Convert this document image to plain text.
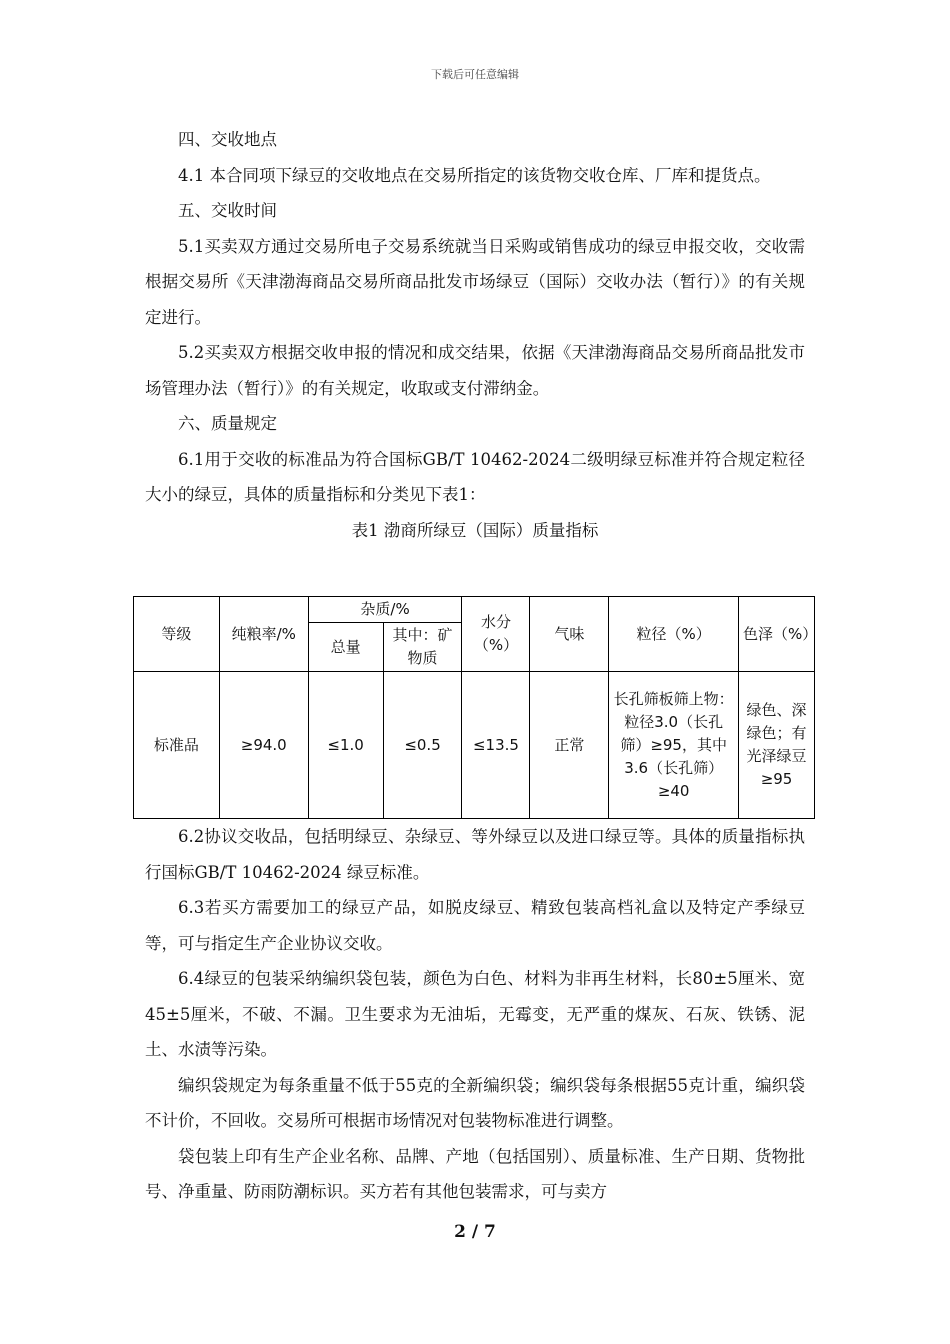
下载后可任意编辑

四、交收地点

4.1 本合同项下绿豆的交收地点在交易所指定的该货物交收仓库、厂库和提货点。

五、交收时间

5.1买卖双方通过交易所电子交易系统就当日采购或销售成功的绿豆申报交收，交收需根据交易所《天津渤海商品交易所商品批发市场绿豆（国际）交收办法（暂行）》的有关规定进行。

5.2买卖双方根据交收申报的情况和成交结果，依据《天津渤海商品交易所商品批发市场管理办法（暂行）》的有关规定，收取或支付滞纳金。

六、质量规定

6.1用于交收的标准品为符合国标GB/T 10462-2024二级明绿豆标准并符合规定粒径大小的绿豆，具体的质量指标和分类见下表1：

表1 渤商所绿豆（国际）质量指标

等级	纯粮率/%	杂质/%		水分（%）	气味	粒径（%）	色泽（%）
		总量	其中：矿物质				
标准品	≥94.0	≤1.0	≤0.5	≤13.5	正常	长孔筛板筛上物：粒径3.0（长孔筛）≥95，其中3.6（长孔筛）≥40	绿色、深绿色；有光泽绿豆≥95

6.2协议交收品，包括明绿豆、杂绿豆、等外绿豆以及进口绿豆等。具体的质量指标执行国标GB/T 10462-2024 绿豆标准。

6.3若买方需要加工的绿豆产品，如脱皮绿豆、精致包装高档礼盒以及特定产季绿豆等，可与指定生产企业协议交收。

6.4绿豆的包装采纳编织袋包装，颜色为白色、材料为非再生材料，长80±5厘米、宽 45±5厘米，不破、不漏。卫生要求为无油垢，无霉变，无严重的煤灰、石灰、铁锈、泥土、水渍等污染。

编织袋规定为每条重量不低于55克的全新编织袋；编织袋每条根据55克计重，编织袋不计价，不回收。交易所可根据市场情况对包装物标准进行调整。

袋包装上印有生产企业名称、品牌、产地（包括国别）、质量标准、生产日期、货物批号、净重量、防雨防潮标识。买方若有其他包装需求，可与卖方

2 / 7
